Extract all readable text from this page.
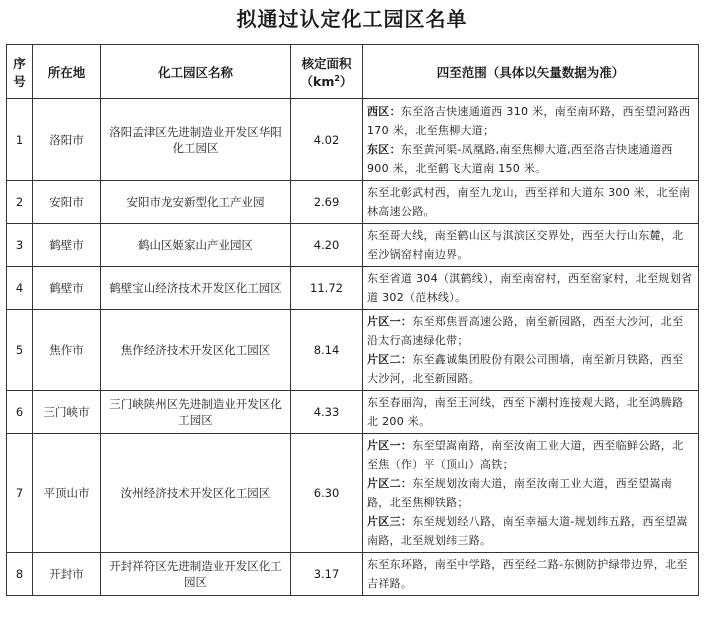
拟通过认定化工园区名单
序号	所在地	化工园区名称	核定面积
$(km^2)$	四至范围（具体以矢量数据为准）
1	洛阳市	洛阳孟津区先进制造业开发区华阳化工园区	4.02	西区：东至洛吉快速通道西 310 米，南至南环路，西至望河路西 170 米，北至焦柳大道；
东区：东至黄河渠-凤凰路,南至焦柳大道,西至洛吉快速通道西 900 米，北至鹤飞大道南 150 米。

2	安阳市	安阳市龙安新型化工产业园	2.69	东至北彰武村西，南至九龙山，西至祥和大道东 300 米，北至南林高速公路。

3	鹤壁市	鹤山区姬家山产业园区	4.20	东至哥大线，南至鹤山区与淇滨区交界处，西至大行山东麓，北至沙锅窑村南边界。

4	鹤壁市	鹤壁宝山经济技术开发区化工园区	11.72	东至省道 304（淇鹤线），南至南窑村，西至窑家村，北至规划省道 302（范林线）。

5	焦作市	焦作经济技术开发区化工园区	8.14	片区一：东至郑焦晋高速公路，南至新园路，西至大沙河，北至沿太行高速绿化带；
片区二：东至鑫诚集团股份有限公司围墙，南至新月铁路，西至大沙河，北至新园路。

6	三门峡市	三门峡陕州区先进制造业开发区化工园区	4.33	东至春丽沟，南至王河线，西至下潮村连接观大路，北至鸿腾路北 200 米。

7	平顶山市	汝州经济技术开发区化工园区	6.30	片区一：东至望嵩南路，南至汝南工业大道，西至临鲜公路，北至焦（作）平（顶山）高铁；
片区二：东至规划汝南大道，南至汝南工业大道，西至望嵩南路，北至焦柳铁路；
片区三：东至规划经八路，南至幸福大道-规划纬五路，西至望嵩南路，北至规划纬三路。

8	开封市	开封祥符区先进制造业开发区化工园区	3.17	东至东环路，南至中学路，西至经二路-东侧防护绿带边界，北至吉祥路。
